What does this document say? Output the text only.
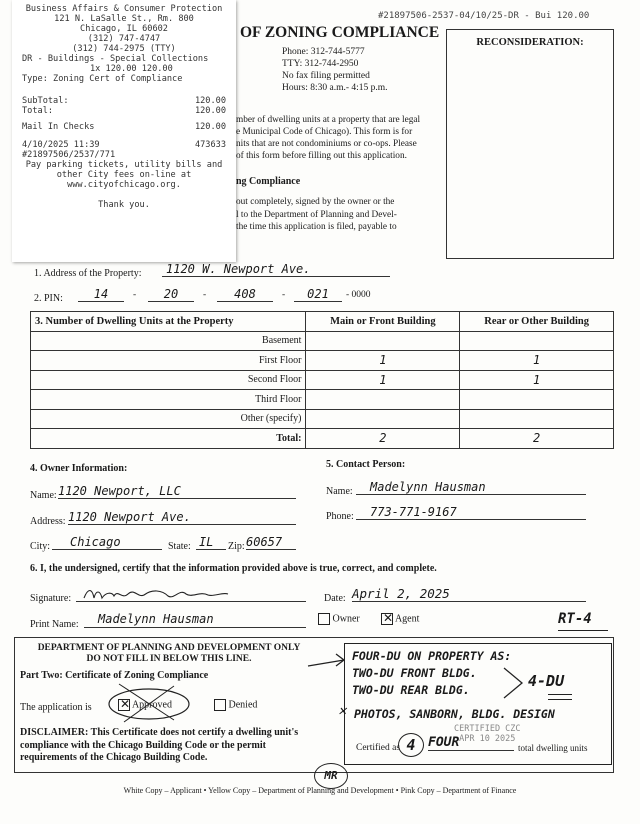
#21897506-2537-04/10/25-DR - Bui 120.00
OF ZONING COMPLIANCE
Phone: 312-744-5777
TTY: 312-744-2950
No fax filing permitted
Hours: 8:30 a.m.- 4:15 p.m.
RECONSIDERATION:
mber of dwelling units at a property that are legal
e Municipal Code of Chicago). This form is for
nits that are not condominiums or co-ops. Please
of this form before filling out this application.
ng Compliance
out completely, signed by the owner or the
l to the Department of Planning and Devel-
the time this application is filed, payable to
Business Affairs & Consumer Protection
121 N. LaSalle St., Rm. 800
Chicago, IL 60602
(312) 747-4747
(312) 744-2975 (TTY)
DR - Buildings - Special Collections
1x 120.00 120.00
Type: Zoning Cert of Compliance
SubTotal:	120.00
Total:	120.00
Mail In Checks	120.00
4/10/2025 11:39	473633
#21897506/2537/771
Pay parking tickets, utility bills and
other City fees on-line at
www.cityofchicago.org.
Thank you.
1. Address of the Property:	1120 W. Newport Ave.
2. PIN:	14	-	20	-	408	-	021	- 0000
3. Number of Dwelling Units at the Property	Main or Front Building	Rear or Other Building
Basement		
First Floor	1	1
Second Floor	1	1
Third Floor		
Other (specify)		
Total:	2	2
4. Owner Information:
Name: 1120 Newport, LLC
Address: 1120 Newport Ave.
City:	Chicago	State: IL	Zip: 60657
5. Contact Person:
Name:	Madelynn Hausman
Phone:	773-771-9167
6. I, the undersigned, certify that the information provided above is true, correct, and complete.
Signature:	Date: April 2, 2025
Print Name:	Madelynn Hausman	Owner ✕ Agent	RT-4
DEPARTMENT OF PLANNING AND DEVELOPMENT ONLY
DO NOT FILL IN BELOW THIS LINE.
Part Two: Certificate of Zoning Compliance
The application is ✕ Approved	Denied
DISCLAIMER: This Certificate does not certify a dwelling unit's
compliance with the Chicago Building Code or the permit
requirements of the Chicago Building Code.
FOUR-DU ON PROPERTY AS:
TWO-DU FRONT BLDG.
TWO-DU REAR BLDG.	4-DU
✕ PHOTOS, SANBORN, BLDG. DESIGN
CERTIFIED CZC
APR 10 2025
Certified as 4 FOUR	total dwelling units
MR
White Copy – Applicant • Yellow Copy – Department of Planning and Development • Pink Copy – Department of Finance
